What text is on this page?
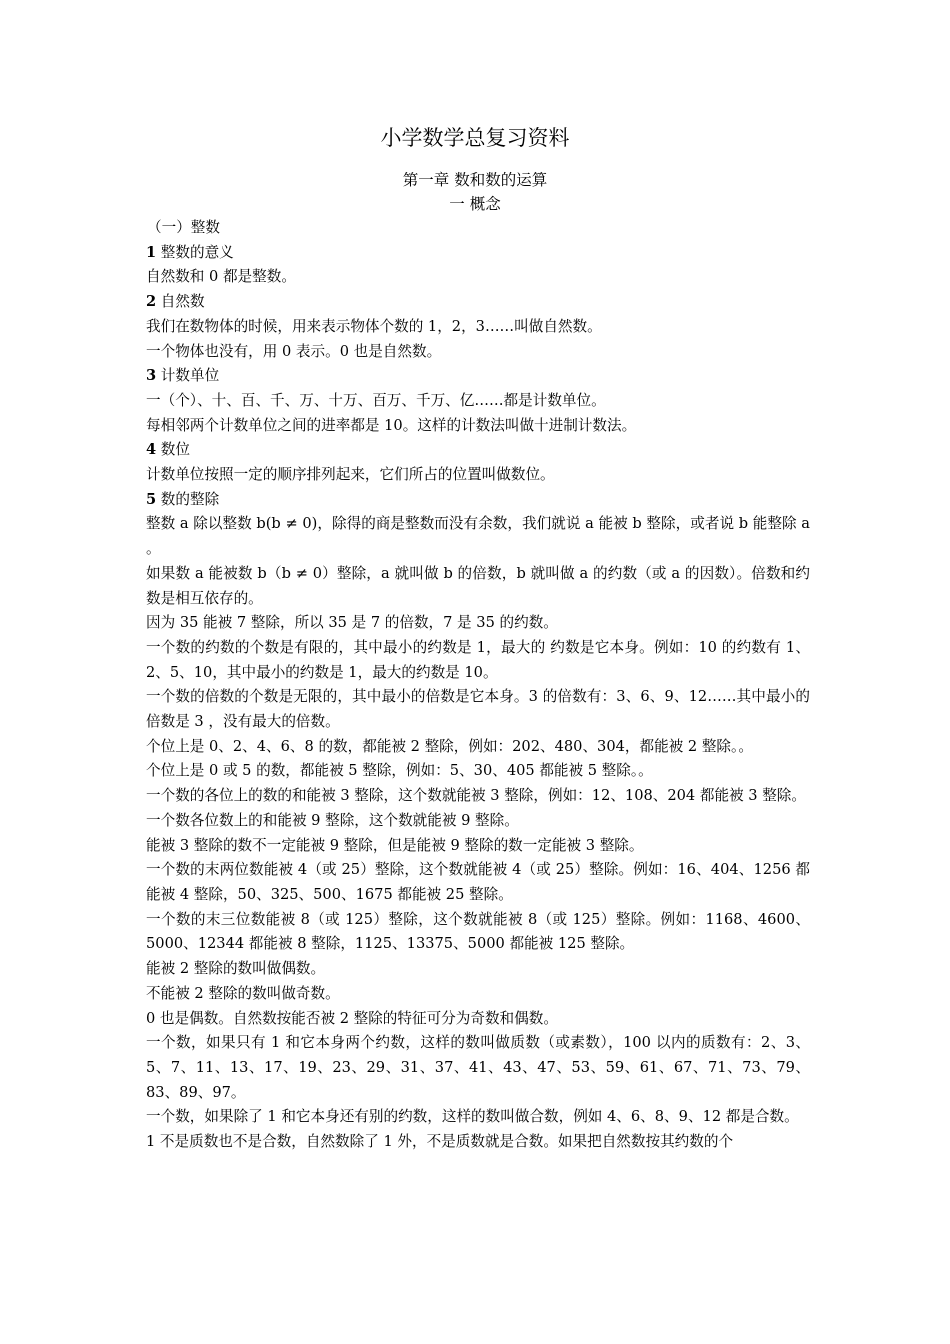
小学数学总复习资料
第一章 数和数的运算
一 概念

（一）整数

1 整数的意义

自然数和 0 都是整数。

2 自然数

我们在数物体的时候，用来表示物体个数的 1，2，3……叫做自然数。

一个物体也没有，用 0 表示。0 也是自然数。

3 计数单位

一（个）、十、百、千、万、十万、百万、千万、亿……都是计数单位。

每相邻两个计数单位之间的进率都是 10。这样的计数法叫做十进制计数法。

4 数位

计数单位按照一定的顺序排列起来，它们所占的位置叫做数位。

5 数的整除

整数 a 除以整数 b(b ≠ 0)，除得的商是整数而没有余数，我们就说 a 能被 b 整除，或者说 b 能整除 a 。

如果数 a 能被数 b（b ≠ 0）整除，a 就叫做 b 的倍数，b 就叫做 a 的约数（或 a 的因数）。倍数和约数是相互依存的。

因为 35 能被 7 整除，所以 35 是 7 的倍数，7 是 35 的约数。

一个数的约数的个数是有限的，其中最小的约数是 1，最大的 约数是它本身。例如：10 的约数有 1、2、5、10，其中最小的约数是 1，最大的约数是 10。

一个数的倍数的个数是无限的，其中最小的倍数是它本身。3 的倍数有：3、6、9、12……其中最小的倍数是 3 ，没有最大的倍数。

个位上是 0、2、4、6、8 的数，都能被 2 整除，例如：202、480、304，都能被 2 整除。。

个位上是 0 或 5 的数，都能被 5 整除，例如：5、30、405 都能被 5 整除。。

一个数的各位上的数的和能被 3 整除，这个数就能被 3 整除，例如：12、108、204 都能被 3 整除。

一个数各位数上的和能被 9 整除，这个数就能被 9 整除。

能被 3 整除的数不一定能被 9 整除，但是能被 9 整除的数一定能被 3 整除。

一个数的末两位数能被 4（或 25）整除，这个数就能被 4（或 25）整除。例如：16、404、1256 都能被 4 整除，50、325、500、1675 都能被 25 整除。

一个数的末三位数能被 8（或 125）整除，这个数就能被 8（或 125）整除。例如：1168、4600、5000、12344 都能被 8 整除，1125、13375、5000 都能被 125 整除。

能被 2 整除的数叫做偶数。

不能被 2 整除的数叫做奇数。

0 也是偶数。自然数按能否被 2 整除的特征可分为奇数和偶数。

一个数，如果只有 1 和它本身两个约数，这样的数叫做质数（或素数），100 以内的质数有：2、3、5、7、11、13、17、19、23、29、31、37、41、43、47、53、59、61、67、71、73、79、83、89、97。

一个数，如果除了 1 和它本身还有别的约数，这样的数叫做合数，例如 4、6、8、9、12 都是合数。

1 不是质数也不是合数，自然数除了 1 外，不是质数就是合数。如果把自然数按其约数的个
